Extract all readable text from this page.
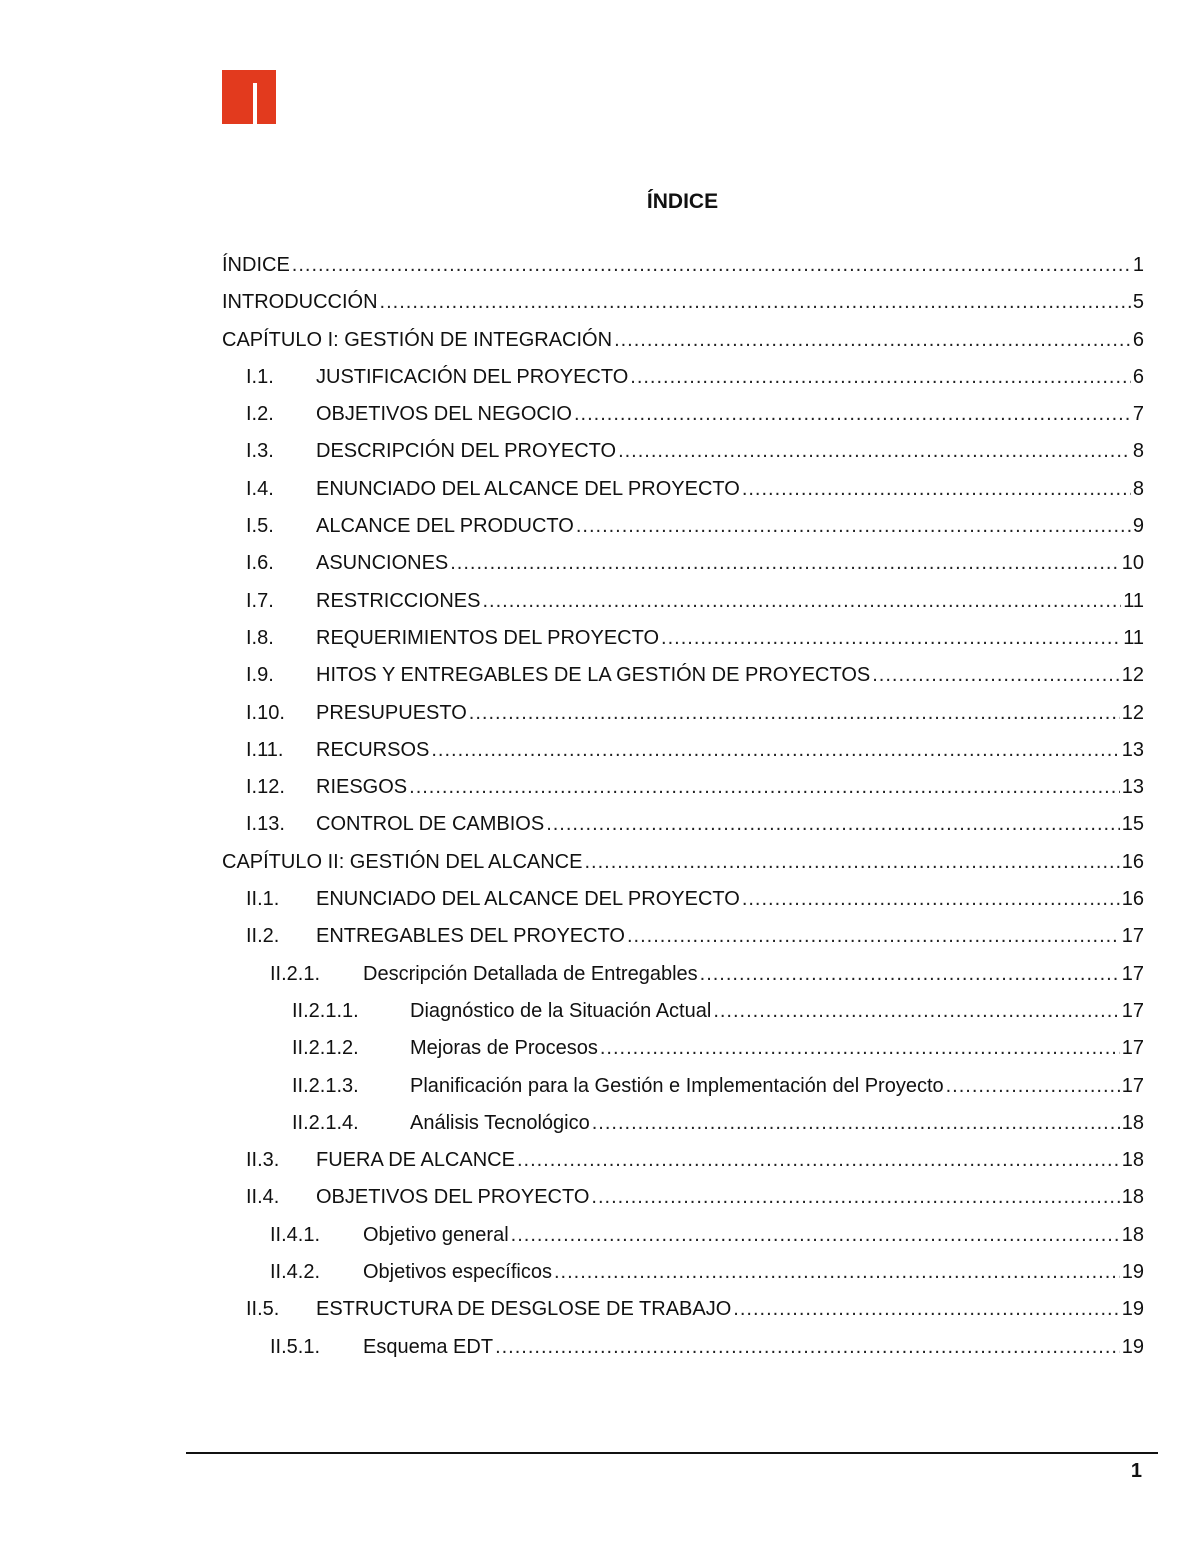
ÍNDICE
ÍNDICE .....	1
INTRODUCCIÓN .....	5
CAPÍTULO I: GESTIÓN DE INTEGRACIÓN .....	6
I.1.	JUSTIFICACIÓN DEL PROYECTO .....	6
I.2.	OBJETIVOS DEL NEGOCIO .....	7
I.3.	DESCRIPCIÓN DEL PROYECTO .....	8
I.4.	ENUNCIADO DEL ALCANCE DEL PROYECTO .....	8
I.5.	ALCANCE DEL PRODUCTO .....	9
I.6.	ASUNCIONES .....	10
I.7.	RESTRICCIONES .....	11
I.8.	REQUERIMIENTOS DEL PROYECTO .....	11
I.9.	HITOS Y ENTREGABLES DE LA GESTIÓN DE PROYECTOS .....	12
I.10.	PRESUPUESTO .....	12
I.11.	RECURSOS .....	13
I.12.	RIESGOS .....	13
I.13.	CONTROL DE CAMBIOS .....	15
CAPÍTULO II: GESTIÓN DEL ALCANCE .....	16
II.1.	ENUNCIADO DEL ALCANCE DEL PROYECTO .....	16
II.2.	ENTREGABLES DEL PROYECTO .....	17
II.2.1.	Descripción Detallada de Entregables .....	17
II.2.1.1.	Diagnóstico de la Situación Actual .....	17
II.2.1.2.	Mejoras de Procesos .....	17
II.2.1.3.	Planificación para la Gestión e Implementación del Proyecto .....	17
II.2.1.4.	Análisis Tecnológico .....	18
II.3.	FUERA DE ALCANCE .....	18
II.4.	OBJETIVOS DEL PROYECTO .....	18
II.4.1.	Objetivo general .....	18
II.4.2.	Objetivos específicos .....	19
II.5.	ESTRUCTURA DE DESGLOSE DE TRABAJO .....	19
II.5.1.	Esquema EDT .....	19
1
